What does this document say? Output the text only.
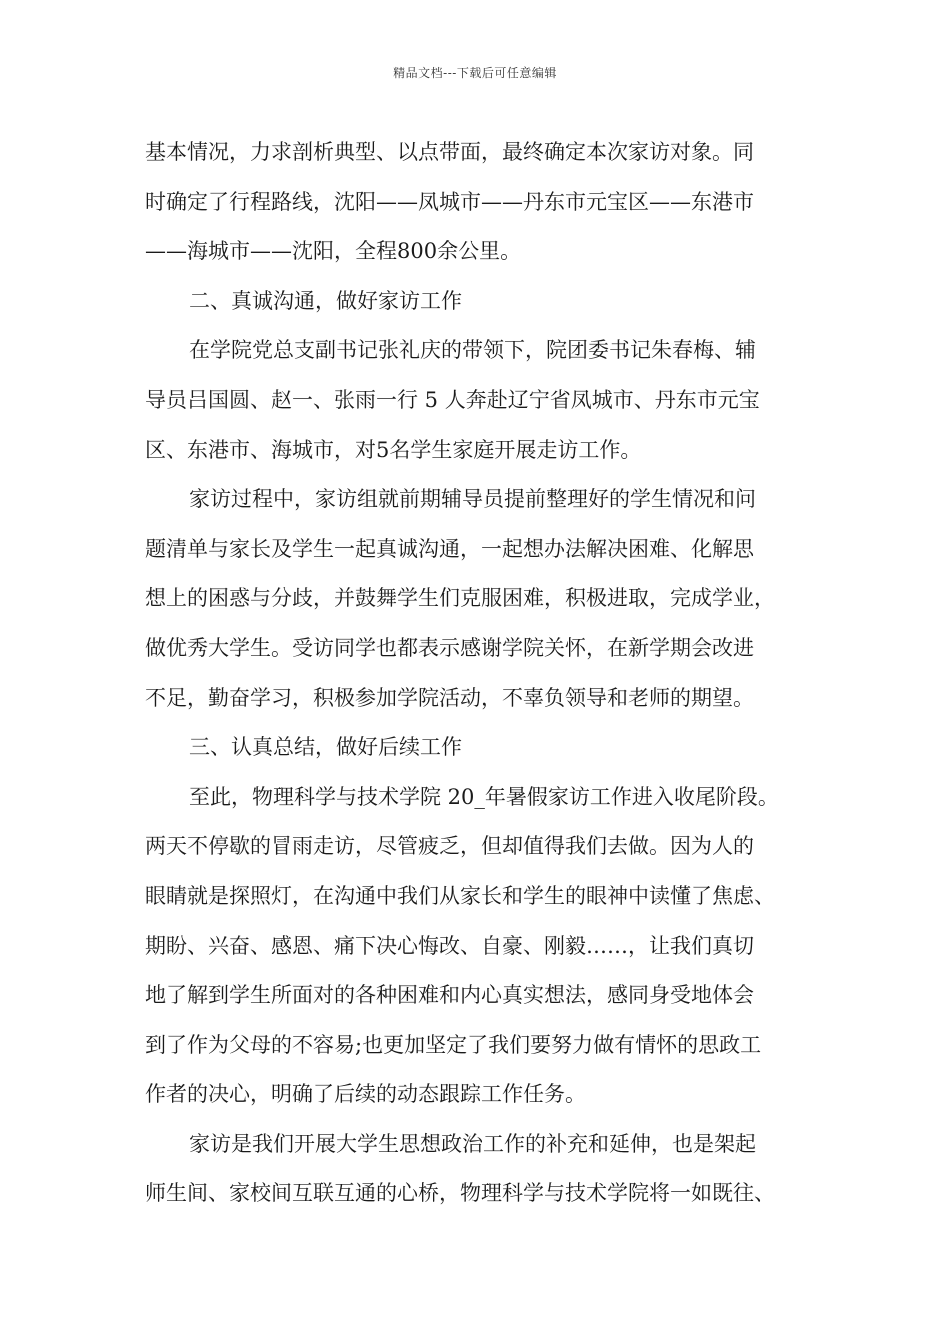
精品文档---下载后可任意编辑
基本情况，力求剖析典型、以点带面，最终确定本次家访对象。同
时确定了行程路线，沈阳——凤城市——丹东市元宝区——东港市
——海城市——沈阳，全程800余公里。
二、真诚沟通，做好家访工作
在学院党总支副书记张礼庆的带领下，院团委书记朱春梅、辅
导员吕国圆、赵一、张雨一行 5 人奔赴辽宁省凤城市、丹东市元宝
区、东港市、海城市，对5名学生家庭开展走访工作。
家访过程中，家访组就前期辅导员提前整理好的学生情况和问
题清单与家长及学生一起真诚沟通，一起想办法解决困难、化解思
想上的困惑与分歧，并鼓舞学生们克服困难，积极进取，完成学业，
做优秀大学生。受访同学也都表示感谢学院关怀，在新学期会改进
不足，勤奋学习，积极参加学院活动，不辜负领导和老师的期望。
三、认真总结，做好后续工作
至此，物理科学与技术学院 20_年暑假家访工作进入收尾阶段。
两天不停歇的冒雨走访，尽管疲乏，但却值得我们去做。因为人的
眼睛就是探照灯，在沟通中我们从家长和学生的眼神中读懂了焦虑、
期盼、兴奋、感恩、痛下决心悔改、自豪、刚毅……，让我们真切
地了解到学生所面对的各种困难和内心真实想法，感同身受地体会
到了作为父母的不容易;也更加坚定了我们要努力做有情怀的思政工
作者的决心，明确了后续的动态跟踪工作任务。
家访是我们开展大学生思想政治工作的补充和延伸，也是架起
师生间、家校间互联互通的心桥，物理科学与技术学院将一如既往、
